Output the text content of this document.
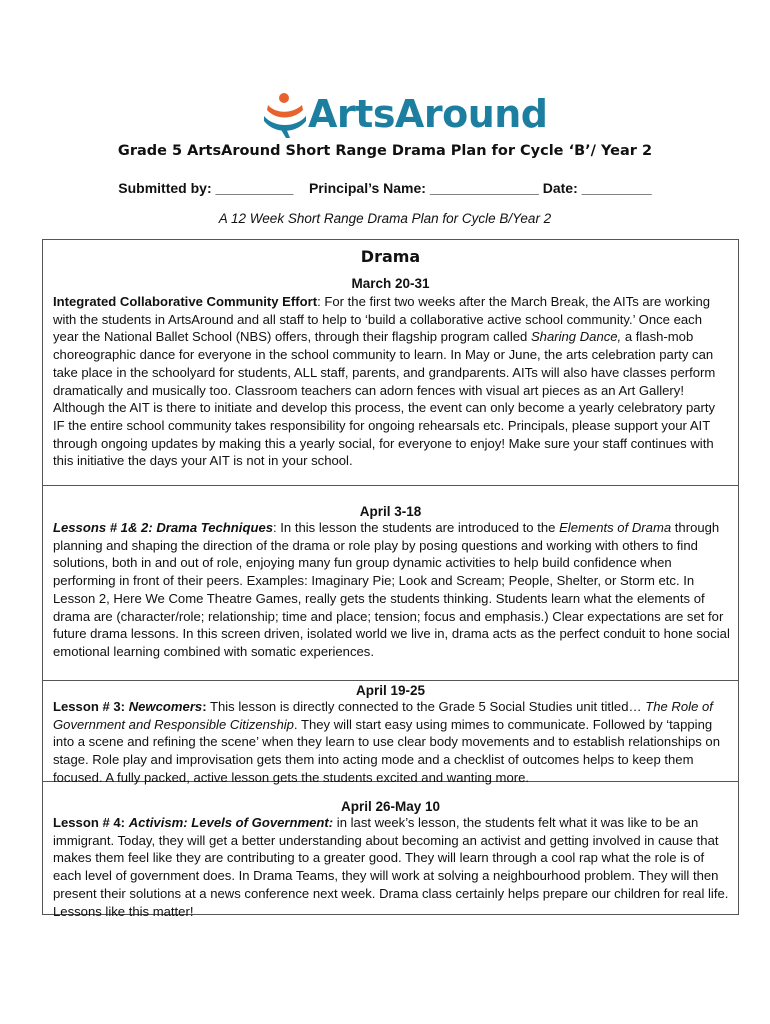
ArtsAround
Grade 5 ArtsAround Short Range Drama Plan for Cycle ‘B’/ Year 2
Submitted by: __________ Principal’s Name: ______________ Date: _________
A 12 Week Short Range Drama Plan for Cycle B/Year 2
Drama
March 20-31
Integrated Collaborative Community Effort: For the first two weeks after the March Break, the AITs are working with the students in ArtsAround and all staff to help to ‘build a collaborative active school community.’ Once each year the National Ballet School (NBS) offers, through their flagship program called Sharing Dance, a flash-mob choreographic dance for everyone in the school community to learn. In May or June, the arts celebration party can take place in the schoolyard for students, ALL staff, parents, and grandparents. AITs will also have classes perform dramatically and musically too. Classroom teachers can adorn fences with visual art pieces as an Art Gallery! Although the AIT is there to initiate and develop this process, the event can only become a yearly celebratory party IF the entire school community takes responsibility for ongoing rehearsals etc. Principals, please support your AIT through ongoing updates by making this a yearly social, for everyone to enjoy! Make sure your staff continues with this initiative the days your AIT is not in your school.
April 3-18
Lessons # 1& 2: Drama Techniques: In this lesson the students are introduced to the Elements of Drama through planning and shaping the direction of the drama or role play by posing questions and working with others to find solutions, both in and out of role, enjoying many fun group dynamic activities to help build confidence when performing in front of their peers. Examples: Imaginary Pie; Look and Scream; People, Shelter, or Storm etc. In Lesson 2, Here We Come Theatre Games, really gets the students thinking. Students learn what the elements of drama are (character/role; relationship; time and place; tension; focus and emphasis.) Clear expectations are set for future drama lessons. In this screen driven, isolated world we live in, drama acts as the perfect conduit to hone social emotional learning combined with somatic experiences.
April 19-25
Lesson # 3: Newcomers: This lesson is directly connected to the Grade 5 Social Studies unit titled… The Role of Government and Responsible Citizenship. They will start easy using mimes to communicate. Followed by ‘tapping into a scene and refining the scene’ when they learn to use clear body movements and to establish relationships on stage. Role play and improvisation gets them into acting mode and a checklist of outcomes helps to keep them focused. A fully packed, active lesson gets the students excited and wanting more.
April 26-May 10
Lesson # 4: Activism: Levels of Government: in last week’s lesson, the students felt what it was like to be an immigrant. Today, they will get a better understanding about becoming an activist and getting involved in cause that makes them feel like they are contributing to a greater good. They will learn through a cool rap what the role is of each level of government does. In Drama Teams, they will work at solving a neighbourhood problem. They will then present their solutions at a news conference next week. Drama class certainly helps prepare our children for real life. Lessons like this matter!
